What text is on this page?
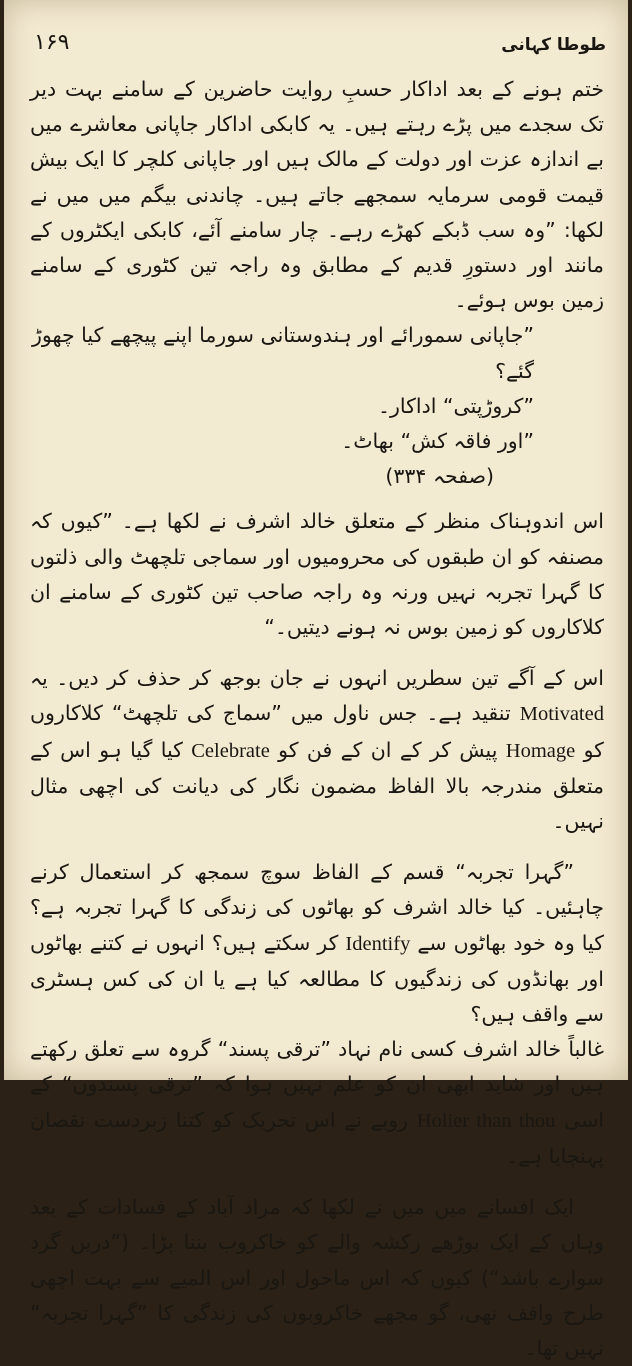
طوطا کہانی
۱۶۹

ختم ہونے کے بعد اداکار حسبِ روایت حاضرین کے سامنے بہت دیر تک سجدے میں پڑے رہتے ہیں۔ یہ کابکی اداکار جاپانی معاشرے میں بے اندازہ عزت اور دولت کے مالک ہیں اور جاپانی کلچر کا ایک بیش قیمت قومی سرمایہ سمجھے جاتے ہیں۔ چاندنی بیگم میں میں نے لکھا: ”وہ سب ڈبکے کھڑے رہے۔ چار سامنے آئے، کابکی ایکٹروں کے مانند اور دستورِ قدیم کے مطابق وہ راجہ تین کٹوری کے سامنے زمین بوس ہوئے۔

”جاپانی سمورائے اور ہندوستانی سورما اپنے پیچھے کیا چھوڑ گئے؟

”کروڑپتی“ اداکار۔

”اور فاقہ کش“ بھاٹ۔

(صفحہ ۳۳۴)

اس اندوہناک منظر کے متعلق خالد اشرف نے لکھا ہے۔ ”کیوں کہ مصنفہ کو ان طبقوں کی محرومیوں اور سماجی تلچھٹ والی ذلتوں کا گہرا تجربہ نہیں ورنہ وہ راجہ صاحب تین کٹوری کے سامنے ان کلاکاروں کو زمین بوس نہ ہونے دیتیں۔“

اس کے آگے تین سطریں انہوں نے جان بوجھ کر حذف کر دیں۔ یہ Motivated تنقید ہے۔ جس ناول میں ”سماج کی تلچھٹ“ کلاکاروں کو Homage پیش کر کے ان کے فن کو Celebrate کیا گیا ہو اس کے متعلق مندرجہ بالا الفاظ مضمون نگار کی دیانت کی اچھی مثال نہیں۔

”گہرا تجربہ“ قسم کے الفاظ سوچ سمجھ کر استعمال کرنے چاہئیں۔ کیا خالد اشرف کو بھاٹوں کی زندگی کا گہرا تجربہ ہے؟ کیا وہ خود بھاٹوں سے Identify کر سکتے ہیں؟ انہوں نے کتنے بھاٹوں اور بھانڈوں کی زندگیوں کا مطالعہ کیا ہے یا ان کی کس ہسٹری سے واقف ہیں؟

غالباً خالد اشرف کسی نام نہاد ”ترقی پسند“ گروہ سے تعلق رکھتے ہیں اور شاید ابھی ان کو علم نہیں ہوا کہ ”ترقی پسندوں“ کے اسی Holier than thou رویے نے اس تحریک کو کتنا زبردست نقصان پہنچایا ہے۔

ایک افسانے میں میں نے لکھا کہ مراد آباد کے فسادات کے بعد وہاں کے ایک بوڑھے رکشہ والے کو خاکروب بننا پڑا۔ (”دریں گرد سوارے باشد“) کیوں کہ اس ماحول اور اس المیے سے بہت اچھی طرح واقف تھی، گو مجھے خاکروبوں کی زندگی کا ”گہرا تجربہ“ نہیں تھا۔
